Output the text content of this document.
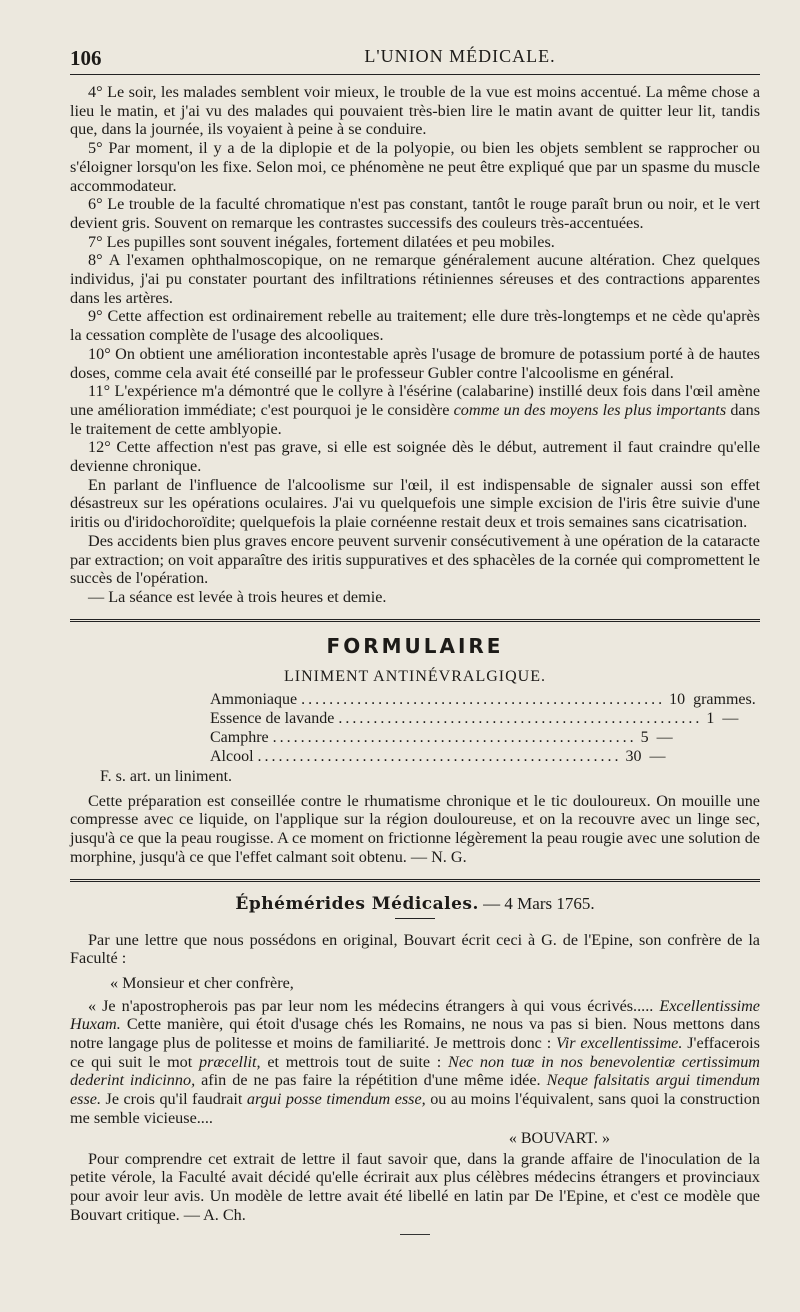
106	L'UNION MÉDICALE.

4° Le soir, les malades semblent voir mieux, le trouble de la vue est moins accentué. La même chose a lieu le matin, et j'ai vu des malades qui pouvaient très-bien lire le matin avant de quitter leur lit, tandis que, dans la journée, ils voyaient à peine à se conduire.

5° Par moment, il y a de la diplopie et de la polyopie, ou bien les objets semblent se rapprocher ou s'éloigner lorsqu'on les fixe. Selon moi, ce phénomène ne peut être expliqué que par un spasme du muscle accommodateur.

6° Le trouble de la faculté chromatique n'est pas constant, tantôt le rouge paraît brun ou noir, et le vert devient gris. Souvent on remarque les contrastes successifs des couleurs très-accentuées.

7° Les pupilles sont souvent inégales, fortement dilatées et peu mobiles.

8° A l'examen ophthalmoscopique, on ne remarque généralement aucune altération. Chez quelques individus, j'ai pu constater pourtant des infiltrations rétiniennes séreuses et des contractions apparentes dans les artères.

9° Cette affection est ordinairement rebelle au traitement; elle dure très-longtemps et ne cède qu'après la cessation complète de l'usage des alcooliques.

10° On obtient une amélioration incontestable après l'usage de bromure de potassium porté à de hautes doses, comme cela avait été conseillé par le professeur Gubler contre l'alcoolisme en général.

11° L'expérience m'a démontré que le collyre à l'ésérine (calabarine) instillé deux fois dans l'œil amène une amélioration immédiate; c'est pourquoi je le considère comme un des moyens les plus importants dans le traitement de cette amblyopie.

12° Cette affection n'est pas grave, si elle est soignée dès le début, autrement il faut craindre qu'elle devienne chronique.

En parlant de l'influence de l'alcoolisme sur l'œil, il est indispensable de signaler aussi son effet désastreux sur les opérations oculaires. J'ai vu quelquefois une simple excision de l'iris être suivie d'une iritis ou d'iridochoroïdite; quelquefois la plaie cornéenne restait deux et trois semaines sans cicatrisation.

Des accidents bien plus graves encore peuvent survenir consécutivement à une opération de la cataracte par extraction; on voit apparaître des iritis suppuratives et des sphacèles de la cornée qui compromettent le succès de l'opération.

— La séance est levée à trois heures et demie.

FORMULAIRE
LINIMENT ANTINÉVRALGIQUE.
Ammoniaque .................................................... 10 grammes.
Essence de lavande .................................................... 1 —
Camphre .................................................... 5 —
Alcool .................................................... 30 —
F. s. art. un liniment.

Cette préparation est conseillée contre le rhumatisme chronique et le tic douloureux. On mouille une compresse avec ce liquide, on l'applique sur la région douloureuse, et on la recouvre avec un linge sec, jusqu'à ce que la peau rougisse. A ce moment on frictionne légèrement la peau rougie avec une solution de morphine, jusqu'à ce que l'effet calmant soit obtenu. — N. G.

Éphémérides Médicales. — 4 Mars 1765.

Par une lettre que nous possédons en original, Bouvart écrit ceci à G. de l'Epine, son confrère de la Faculté :

« Monsieur et cher confrère,

« Je n'apostropherois pas par leur nom les médecins étrangers à qui vous écrivés..... Excellentissime Huxam. Cette manière, qui étoit d'usage chés les Romains, ne nous va pas si bien. Nous mettons dans notre langage plus de politesse et moins de familiarité. Je mettrois donc : Vir excellentissime. J'effacerois ce qui suit le mot præcellit, et mettrois tout de suite : Nec non tuæ in nos benevolentiæ certissimum dederint indicinno, afin de ne pas faire la répétition d'une même idée. Neque falsitatis argui timendum esse. Je crois qu'il faudrait argui posse timendum esse, ou au moins l'équivalent, sans quoi la construction me semble vicieuse....

« BOUVART. »

Pour comprendre cet extrait de lettre il faut savoir que, dans la grande affaire de l'inoculation de la petite vérole, la Faculté avait décidé qu'elle écrirait aux plus célèbres médecins étrangers et provinciaux pour avoir leur avis. Un modèle de lettre avait été libellé en latin par De l'Epine, et c'est ce modèle que Bouvart critique. — A. Ch.
